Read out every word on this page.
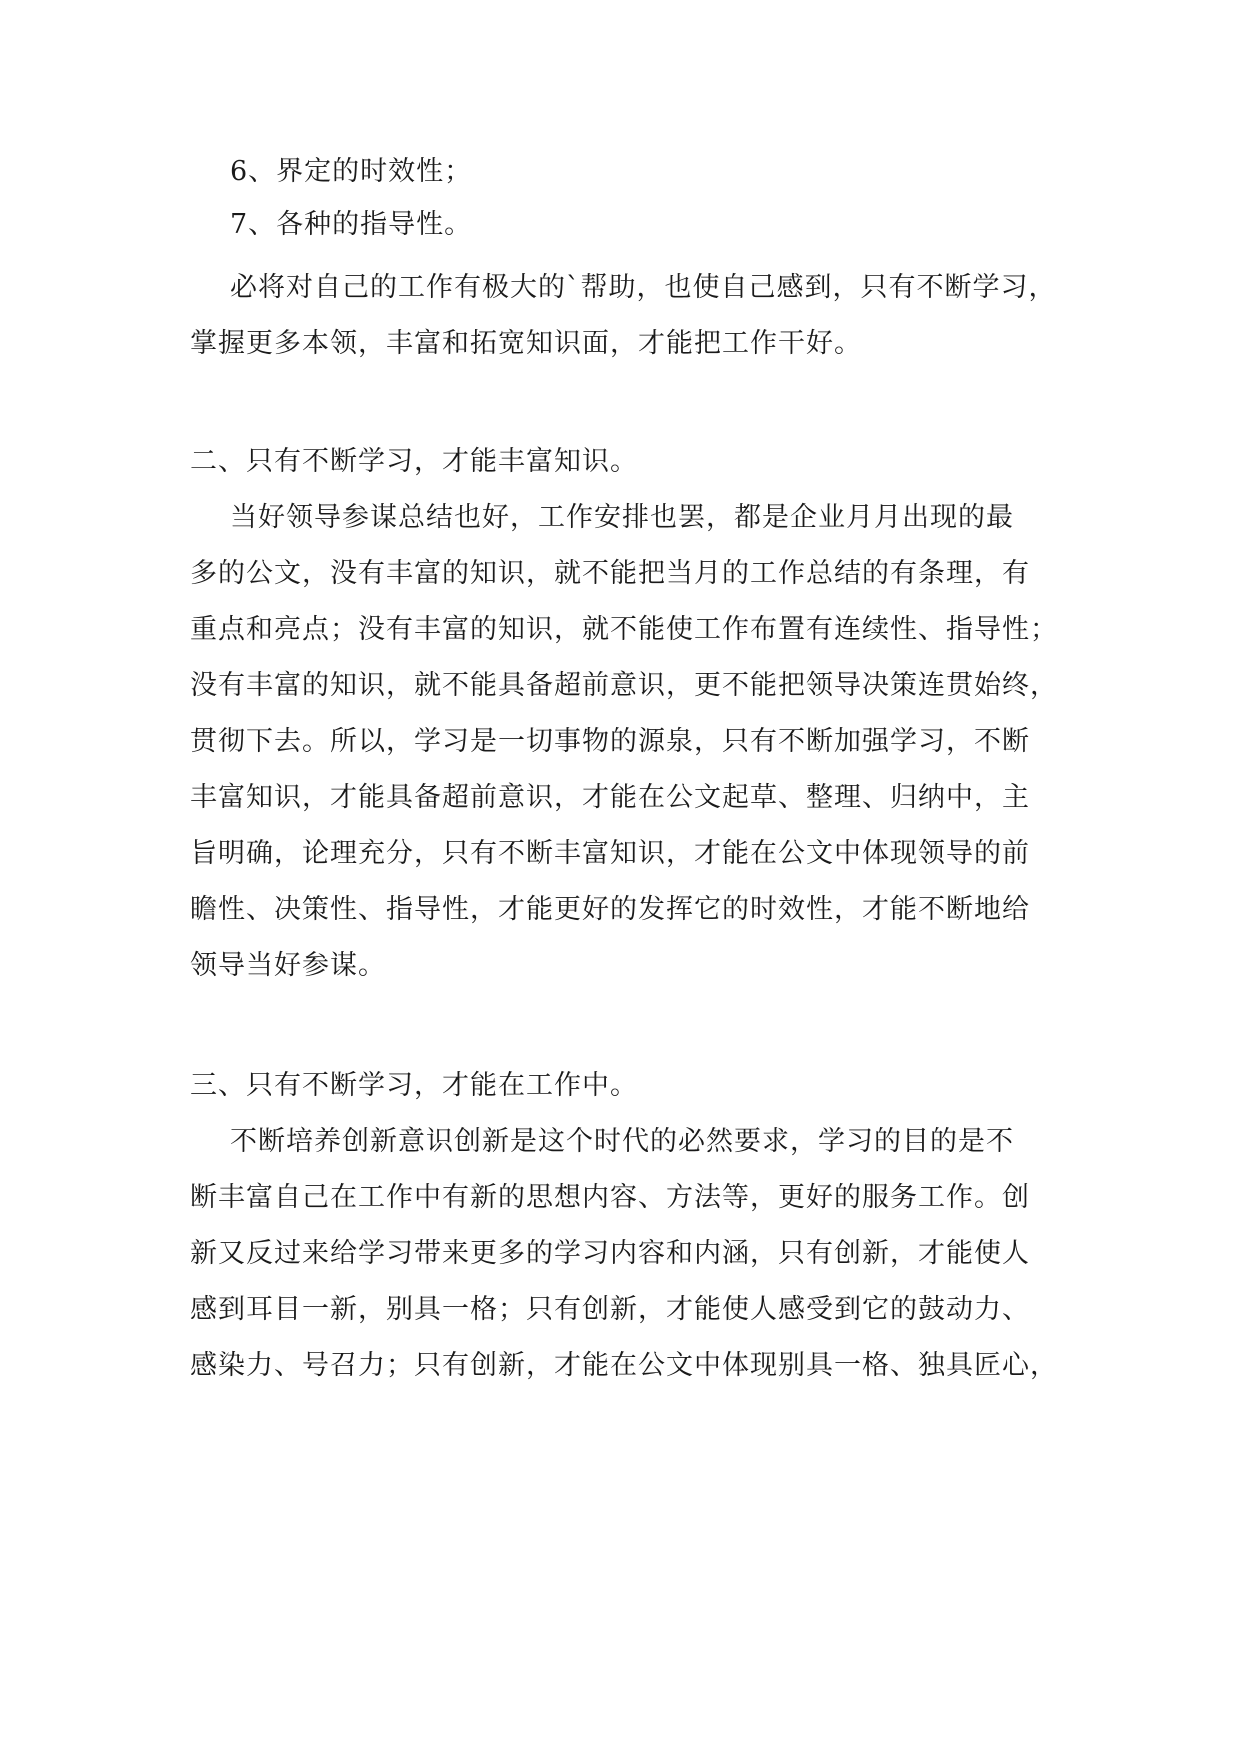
6、界定的时效性；

7、各种的指导性。

必将对自己的工作有极大的`帮助，也使自己感到，只有不断学习，

掌握更多本领，丰富和拓宽知识面，才能把工作干好。

二、只有不断学习，才能丰富知识。

当好领导参谋总结也好，工作安排也罢，都是企业月月出现的最

多的公文，没有丰富的知识，就不能把当月的工作总结的有条理，有

重点和亮点；没有丰富的知识，就不能使工作布置有连续性、指导性；

没有丰富的知识，就不能具备超前意识，更不能把领导决策连贯始终，

贯彻下去。所以，学习是一切事物的源泉，只有不断加强学习，不断

丰富知识，才能具备超前意识，才能在公文起草、整理、归纳中，主

旨明确，论理充分，只有不断丰富知识，才能在公文中体现领导的前

瞻性、决策性、指导性，才能更好的发挥它的时效性，才能不断地给

领导当好参谋。

三、只有不断学习，才能在工作中。

不断培养创新意识创新是这个时代的必然要求，学习的目的是不

断丰富自己在工作中有新的思想内容、方法等，更好的服务工作。创

新又反过来给学习带来更多的学习内容和内涵，只有创新，才能使人

感到耳目一新，别具一格；只有创新，才能使人感受到它的鼓动力、

感染力、号召力；只有创新，才能在公文中体现别具一格、独具匠心，
